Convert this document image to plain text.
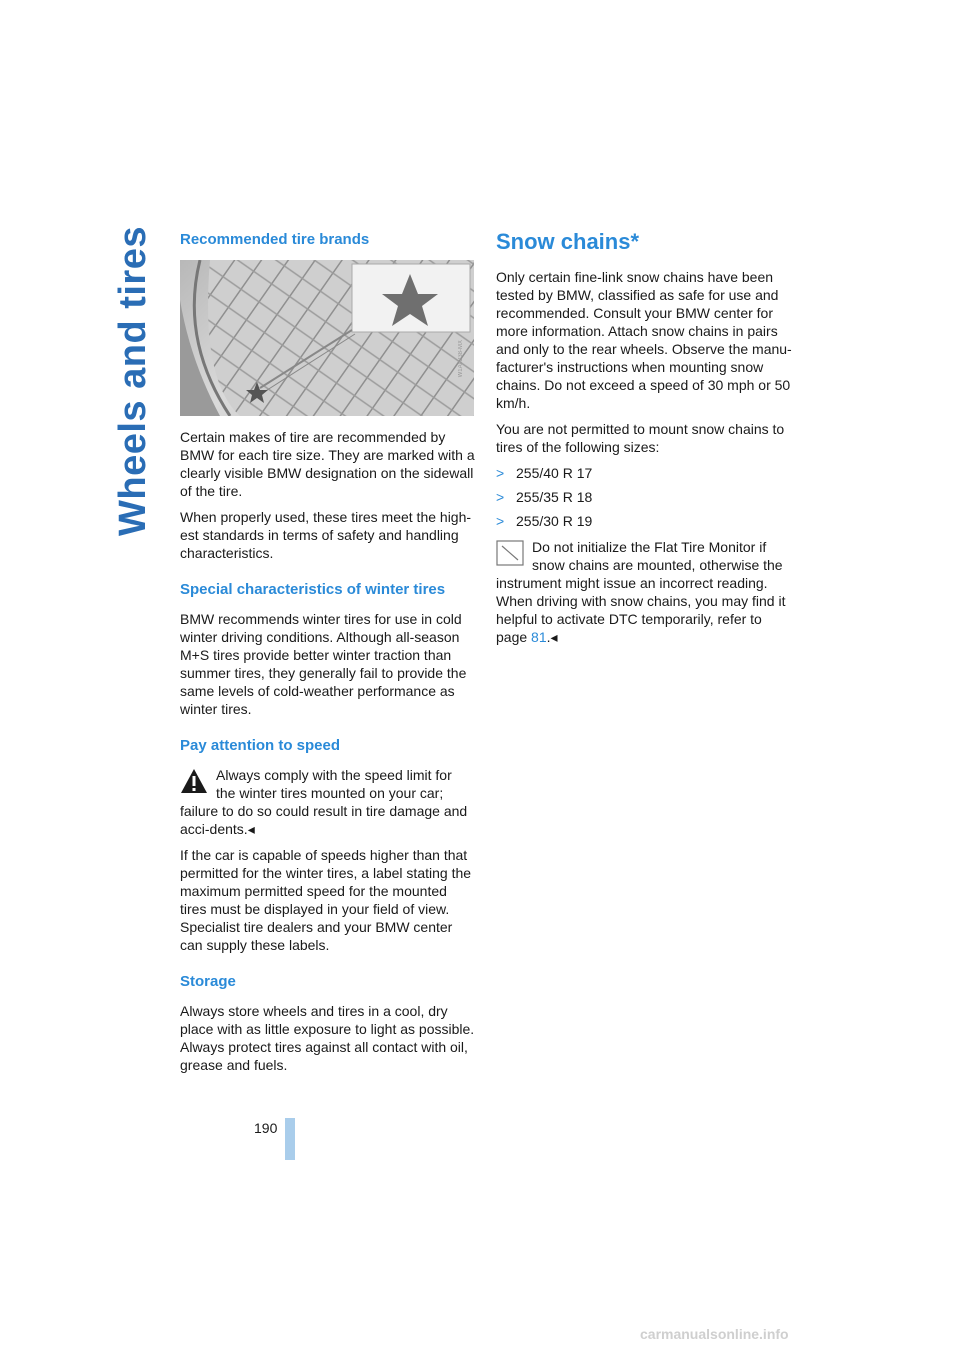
Wheels and tires Recommended tire brands
W1A0238-MX

Certain makes of tire are recommended by BMW for each tire size. They are marked with a clearly visible BMW designation on the sidewall of the tire.

When properly used, these tires meet the high-est standards in terms of safety and handling characteristics.

Special characteristics of winter tires

BMW recommends winter tires for use in cold winter driving conditions. Although all-season M+S tires provide better winter traction than summer tires, they generally fail to provide the same levels of cold-weather performance as winter tires.

Pay attention to speed
Always comply with the speed limit for the winter tires mounted on your car; failure to do so could result in tire damage and acci-dents.◂

If the car is capable of speeds higher than that permitted for the winter tires, a label stating the maximum permitted speed for the mounted tires must be displayed in your field of view. Specialist tire dealers and your BMW center can supply these labels.

Storage

Always store wheels and tires in a cool, dry place with as little exposure to light as possible. Always protect tires against all contact with oil, grease and fuels.

Snow chains*

Only certain fine-link snow chains have been tested by BMW, classified as safe for use and recommended. Consult your BMW center for more information. Attach snow chains in pairs and only to the rear wheels. Observe the manu-facturer's instructions when mounting snow chains. Do not exceed a speed of 30 mph or 50 km/h.

You are not permitted to mount snow chains to tires of the following sizes:

> 255/40 R 17
> 255/35 R 18
> 255/30 R 19
Do not initialize the Flat Tire Monitor if snow chains are mounted, otherwise the instrument might issue an incorrect reading. When driving with snow chains, you may find it helpful to activate DTC temporarily, refer to page 81.◂
190
carmanualsonline.info
